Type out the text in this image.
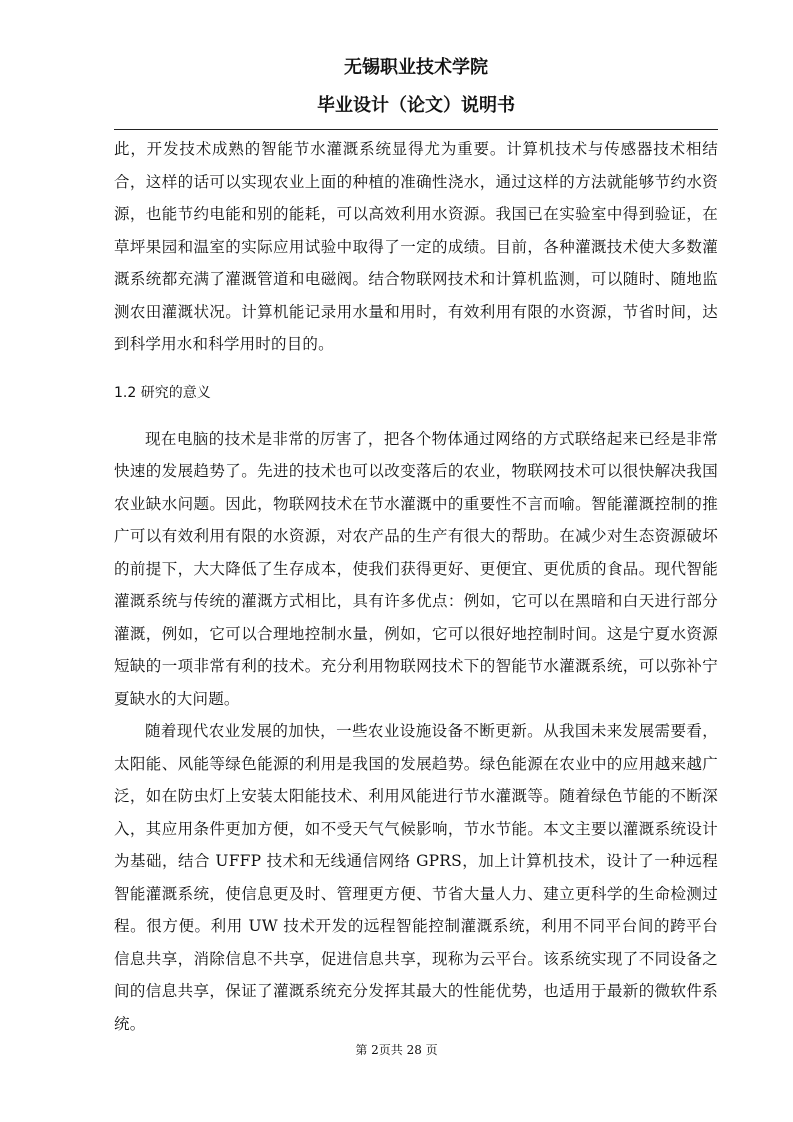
无锡职业技术学院

毕业设计（论文）说明书

此，开发技术成熟的智能节水灌溉系统显得尤为重要。计算机技术与传感器技术相结合，这样的话可以实现农业上面的种植的准确性浇水，通过这样的方法就能够节约水资源，也能节约电能和别的能耗，可以高效利用水资源。我国已在实验室中得到验证，在草坪果园和温室的实际应用试验中取得了一定的成绩。目前，各种灌溉技术使大多数灌溉系统都充满了灌溉管道和电磁阀。结合物联网技术和计算机监测，可以随时、随地监测农田灌溉状况。计算机能记录用水量和用时，有效利用有限的水资源，节省时间，达到科学用水和科学用时的目的。

1.2 研究的意义

现在电脑的技术是非常的厉害了，把各个物体通过网络的方式联络起来已经是非常快速的发展趋势了。先进的技术也可以改变落后的农业，物联网技术可以很快解决我国农业缺水问题。因此，物联网技术在节水灌溉中的重要性不言而喻。智能灌溉控制的推广可以有效利用有限的水资源，对农产品的生产有很大的帮助。在减少对生态资源破坏的前提下，大大降低了生存成本，使我们获得更好、更便宜、更优质的食品。现代智能灌溉系统与传统的灌溉方式相比，具有许多优点：例如，它可以在黑暗和白天进行部分灌溉，例如，它可以合理地控制水量，例如，它可以很好地控制时间。这是宁夏水资源短缺的一项非常有利的技术。充分利用物联网技术下的智能节水灌溉系统，可以弥补宁夏缺水的大问题。

随着现代农业发展的加快，一些农业设施设备不断更新。从我国未来发展需要看，太阳能、风能等绿色能源的利用是我国的发展趋势。绿色能源在农业中的应用越来越广泛，如在防虫灯上安装太阳能技术、利用风能进行节水灌溉等。随着绿色节能的不断深入，其应用条件更加方便，如不受天气气候影响，节水节能。本文主要以灌溉系统设计为基础，结合 UFFP 技术和无线通信网络 GPRS，加上计算机技术，设计了一种远程智能灌溉系统，使信息更及时、管理更方便、节省大量人力、建立更科学的生命检测过程。很方便。利用 UW 技术开发的远程智能控制灌溉系统，利用不同平台间的跨平台信息共享，消除信息不共享，促进信息共享，现称为云平台。该系统实现了不同设备之间的信息共享，保证了灌溉系统充分发挥其最大的性能优势，也适用于最新的微软件系统。

第 2页共 28 页
